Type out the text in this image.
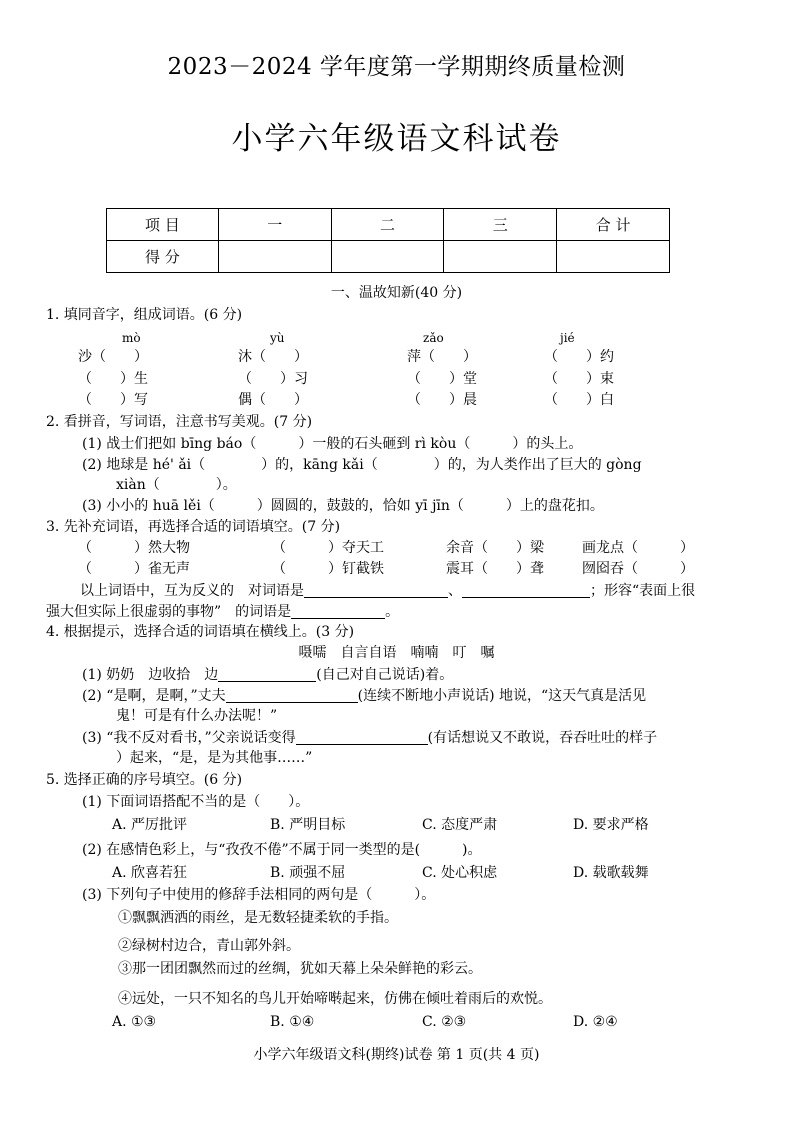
2023－2024 学年度第一学期期终质量检测
小学六年级语文科试卷
项 目	一	二	三	合 计
得 分				
一、温故知新(40 分)
1. 填同音字，组成词语。(6 分)
mò	yù	zǎo	jié
沙（　　）	沐（　　）	萍（　　）	（　　）约
（　　）生	（　　）习	（　　）堂	（　　）束
（　　）写	偶（　　）	（　　）晨	（　　）白
2. 看拼音，写词语，注意书写美观。(7 分)
(1) 战士们把如 bīng báo（　　　）一般的石头砸到 rì kòu（　　　）的头上。
(2) 地球是 hé' ǎi（　　　　）的，kāng kǎi（　　　　）的，为人类作出了巨大的 gòng
xiàn（　　　　）。
(3) 小小的 huā lěi（　　　）圆圆的，鼓鼓的，恰如 yī jīn（　　　）上的盘花扣。
3. 先补充词语，再选择合适的词语填空。(7 分)
（　　　）然大物	（　　　）夺天工	余音（　　）梁	画龙点（　　　）
（　　　）雀无声	（　　　）钉截铁	震耳（　　）聋	囫囵吞（　　　）
以上词语中，互为反义的　对词语是	、	；形容“表面上很
强大但实际上很虚弱的事物”　的词语是	。
4. 根据提示，选择合适的词语填在横线上。(3 分)
嗫嚅　自言自语　喃喃　叮　嘱
(1) 奶奶　边收拾　边	(自己对自己说话)着。
(2) “是啊，是啊，”丈夫	(连续不断地小声说话) 地说，“这天气真是活见
鬼！可是有什么办法呢！”
(3) “我不反对看书，”父亲说话变得	(有话想说又不敢说，吞吞吐吐的样子
）起来，“是，是为其他事……”
5. 选择正确的序号填空。(6 分)
(1) 下面词语搭配不当的是（　　）。
A. 严厉批评	B. 严明目标	C. 态度严肃	D. 要求严格
(2) 在感情色彩上，与“孜孜不倦”不属于同一类型的是(　　　)。
A. 欣喜若狂	B. 顽强不屈	C. 处心积虑	D. 载歌载舞
(3) 下列句子中使用的修辞手法相同的两句是（　　　）。
①飘飘洒洒的雨丝，是无数轻捷柔软的手指。
②绿树村边合，青山郭外斜。
③那一团团飘然而过的丝绸，犹如天幕上朵朵鲜艳的彩云。
④远处，一只不知名的鸟儿开始啼啭起来，仿佛在倾吐着雨后的欢悦。
A. ①③	B. ①④	C. ②③	D. ②④
小学六年级语文科(期终)试卷 第 1 页(共 4 页)
